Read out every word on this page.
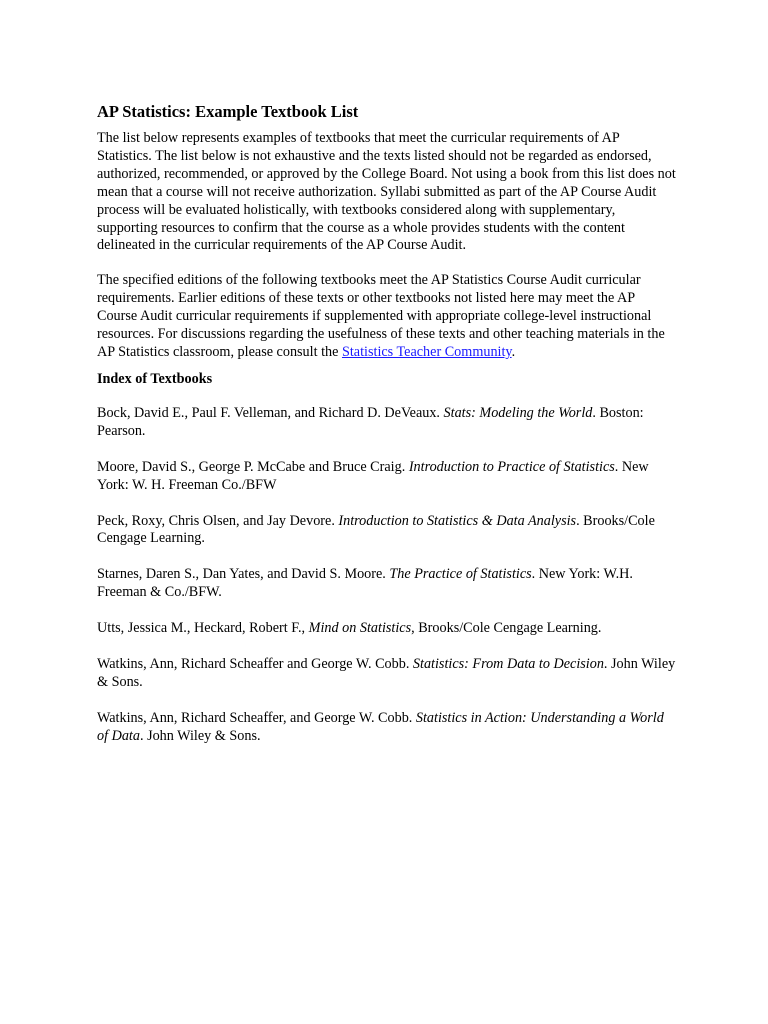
AP Statistics: Example Textbook List

The list below represents examples of textbooks that meet the curricular requirements of AP Statistics. The list below is not exhaustive and the texts listed should not be regarded as endorsed, authorized, recommended, or approved by the College Board. Not using a book from this list does not mean that a course will not receive authorization. Syllabi submitted as part of the AP Course Audit process will be evaluated holistically, with textbooks considered along with supplementary, supporting resources to confirm that the course as a whole provides students with the content delineated in the curricular requirements of the AP Course Audit.

The specified editions of the following textbooks meet the AP Statistics Course Audit curricular requirements. Earlier editions of these texts or other textbooks not listed here may meet the AP Course Audit curricular requirements if supplemented with appropriate college-level instructional resources. For discussions regarding the usefulness of these texts and other teaching materials in the AP Statistics classroom, please consult the Statistics Teacher Community.

Index of Textbooks

Bock, David E., Paul F. Velleman, and Richard D. DeVeaux. Stats: Modeling the World. Boston: Pearson.

Moore, David S., George P. McCabe and Bruce Craig. Introduction to Practice of Statistics. New York: W. H. Freeman Co./BFW

Peck, Roxy, Chris Olsen, and Jay Devore. Introduction to Statistics & Data Analysis. Brooks/Cole Cengage Learning.

Starnes, Daren S., Dan Yates, and David S. Moore. The Practice of Statistics. New York: W.H. Freeman & Co./BFW.

Utts, Jessica M., Heckard, Robert F., Mind on Statistics, Brooks/Cole Cengage Learning.

Watkins, Ann, Richard Scheaffer and George W. Cobb. Statistics: From Data to Decision. John Wiley & Sons.

Watkins, Ann, Richard Scheaffer, and George W. Cobb. Statistics in Action: Understanding a World of Data. John Wiley & Sons.
